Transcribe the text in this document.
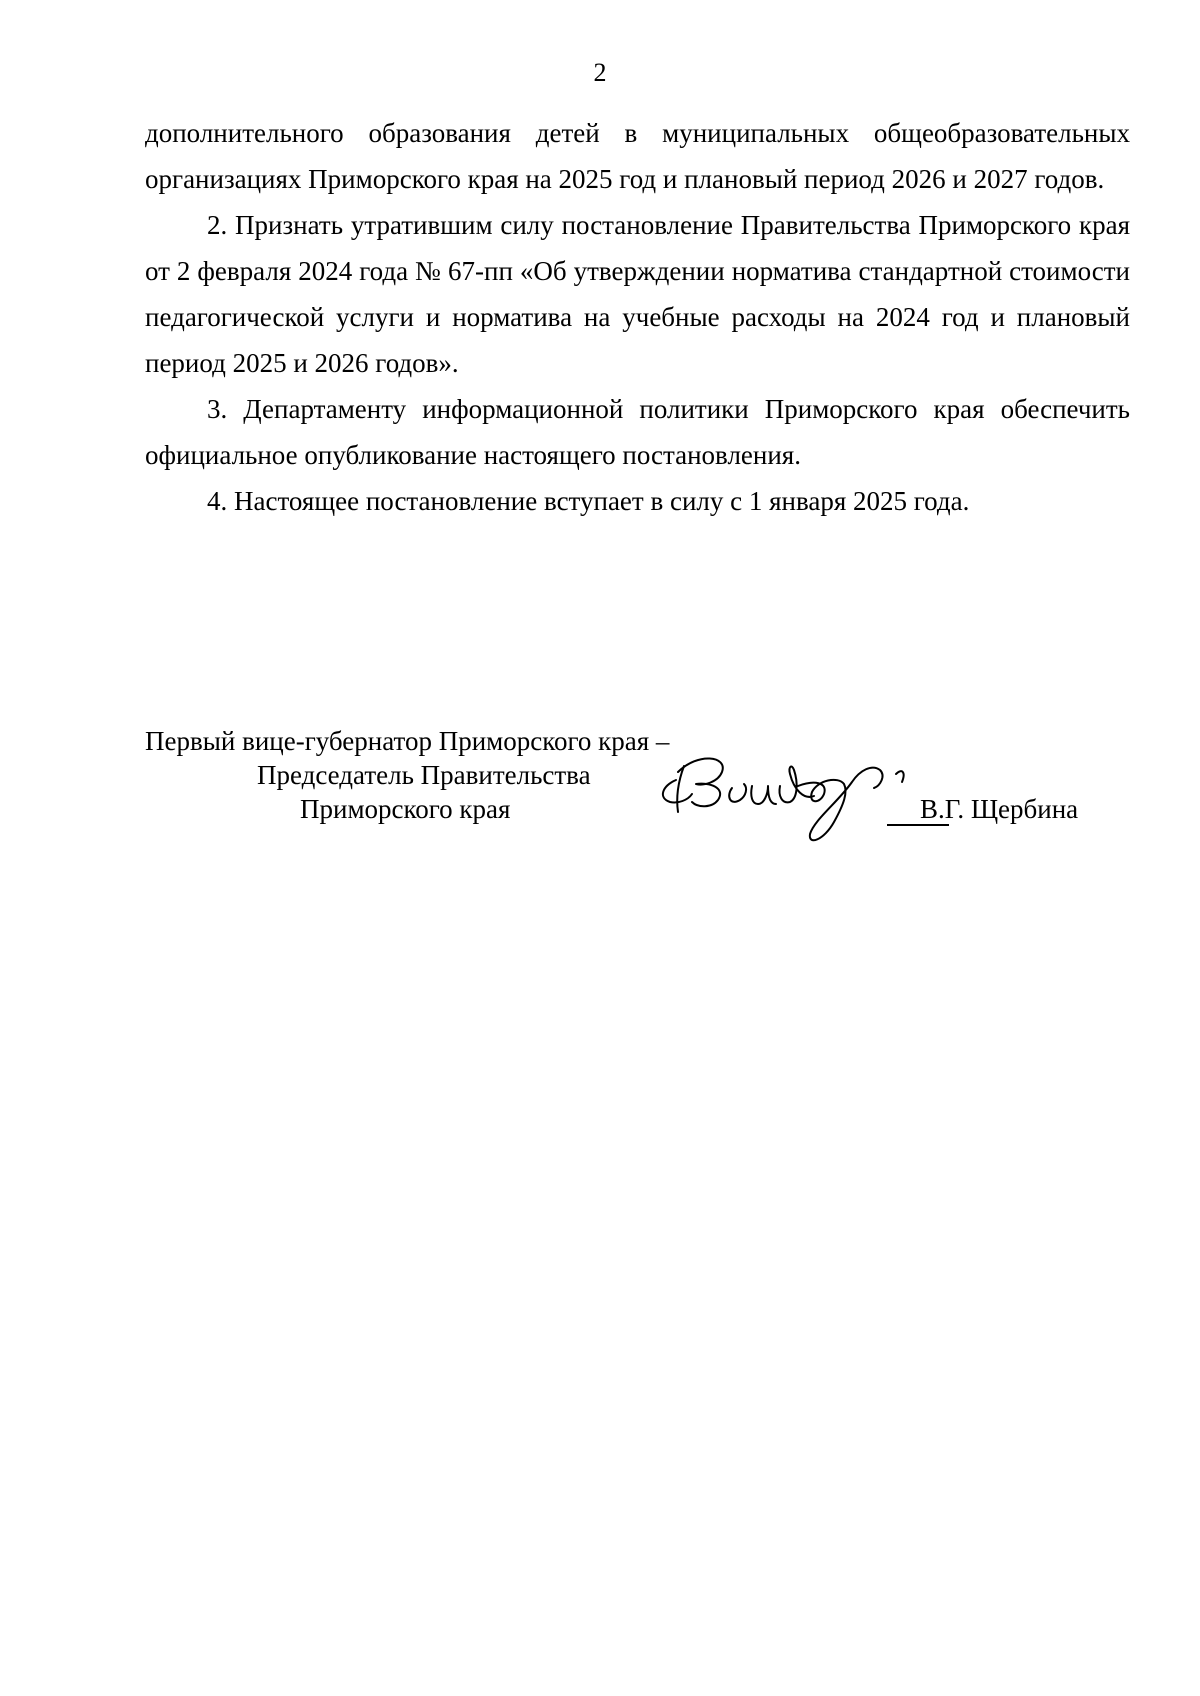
2

дополнительного образования детей в муниципальных общеобразовательных организациях Приморского края на 2025 год и плановый период 2026 и 2027 годов.

2. Признать утратившим силу постановление Правительства Приморского края от 2 февраля 2024 года № 67-пп «Об утверждении норматива стандартной стоимости педагогической услуги и норматива на учебные расходы на 2024 год и плановый период 2025 и 2026 годов».

3. Департаменту информационной политики Приморского края обеспечить официальное опубликование настоящего постановления.

4. Настоящее постановление вступает в силу с 1 января 2025 года.

Первый вице-губернатор Приморского края –
Председатель Правительства
Приморского края	В.Г. Щербина
